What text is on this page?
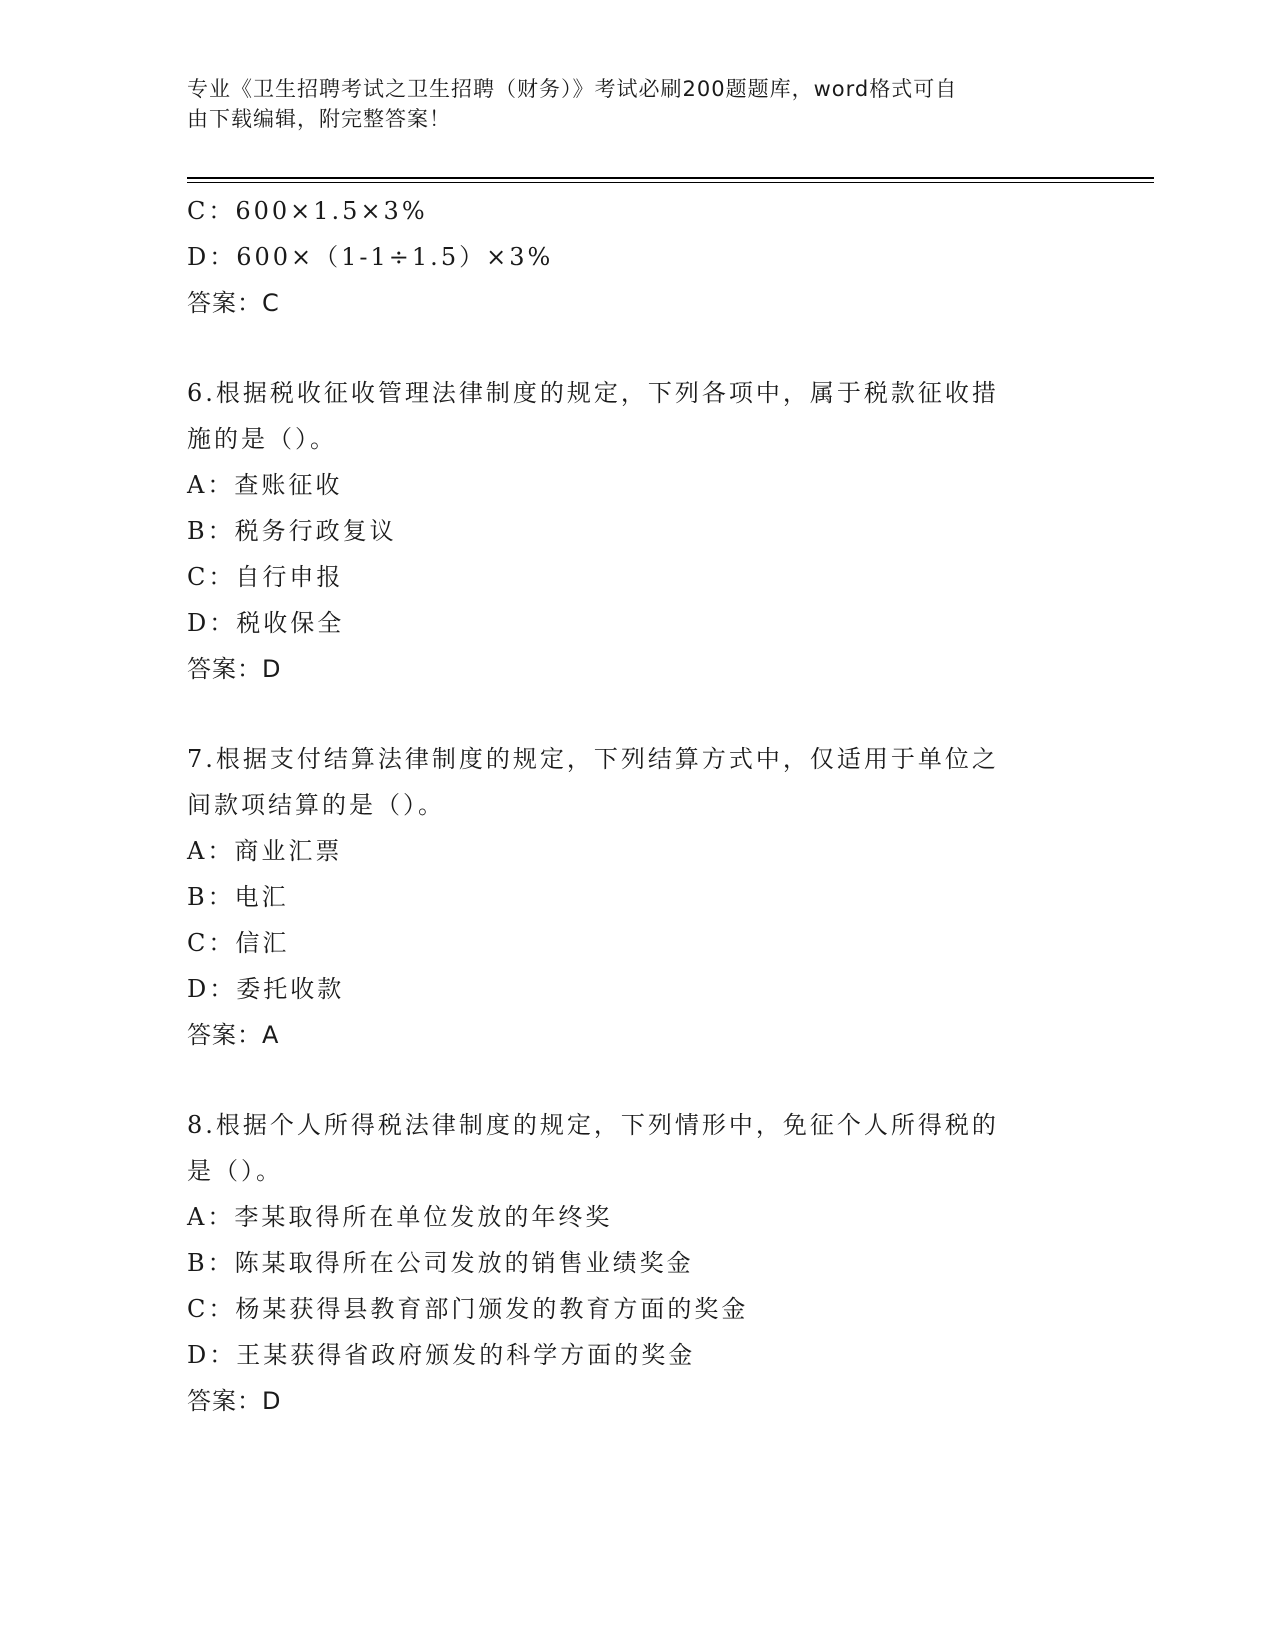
专业《卫生招聘考试之卫生招聘（财务）》考试必刷200题题库，word格式可自
由下载编辑，附完整答案！
C：600×1.5×3%
D：600×（1-1÷1.5）×3%
答案：C
6.根据税收征收管理法律制度的规定，下列各项中，属于税款征收措
施的是（）。
A：查账征收
B：税务行政复议
C：自行申报
D：税收保全
答案：D
7.根据支付结算法律制度的规定，下列结算方式中，仅适用于单位之
间款项结算的是（）。
A：商业汇票
B：电汇
C：信汇
D：委托收款
答案：A
8.根据个人所得税法律制度的规定，下列情形中，免征个人所得税的
是（）。
A：李某取得所在单位发放的年终奖
B：陈某取得所在公司发放的销售业绩奖金
C：杨某获得县教育部门颁发的教育方面的奖金
D：王某获得省政府颁发的科学方面的奖金
答案：D
